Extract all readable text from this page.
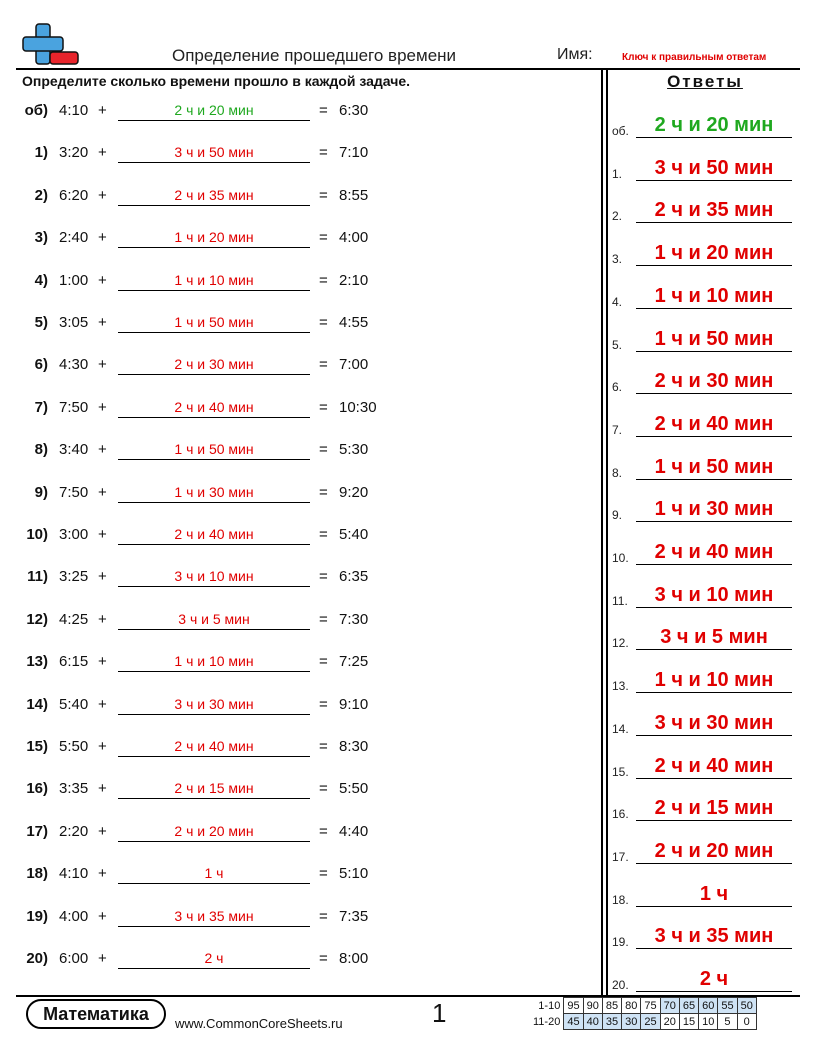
Определение прошедшего времени	Имя:	Ключ к правильным ответам
Определите сколько времени прошло в каждой задаче.	Ответы
об) 4:10 +	2 ч и 20 мин	= 6:30
1) 3:20 +	3 ч и 50 мин	= 7:10
2) 6:20 +	2 ч и 35 мин	= 8:55
3) 2:40 +	1 ч и 20 мин	= 4:00
4) 1:00 +	1 ч и 10 мин	= 2:10
5) 3:05 +	1 ч и 50 мин	= 4:55
6) 4:30 +	2 ч и 30 мин	= 7:00
7) 7:50 +	2 ч и 40 мин	= 10:30
8) 3:40 +	1 ч и 50 мин	= 5:30
9) 7:50 +	1 ч и 30 мин	= 9:20
10) 3:00 +	2 ч и 40 мин	= 5:40
11) 3:25 +	3 ч и 10 мин	= 6:35
12) 4:25 +	3 ч и 5 мин	= 7:30
13) 6:15 +	1 ч и 10 мин	= 7:25
14) 5:40 +	3 ч и 30 мин	= 9:10
15) 5:50 +	2 ч и 40 мин	= 8:30
16) 3:35 +	2 ч и 15 мин	= 5:50
17) 2:20 +	2 ч и 20 мин	= 4:40
18) 4:10 +	1 ч	= 5:10
19) 4:00 +	3 ч и 35 мин	= 7:35
20) 6:00 +	2 ч	= 8:00
об.	2 ч и 20 мин
1.	3 ч и 50 мин
2.	2 ч и 35 мин
3.	1 ч и 20 мин
4.	1 ч и 10 мин
5.	1 ч и 50 мин
6.	2 ч и 30 мин
7.	2 ч и 40 мин
8.	1 ч и 50 мин
9.	1 ч и 30 мин
10.	2 ч и 40 мин
11.	3 ч и 10 мин
12.	3 ч и 5 мин
13.	1 ч и 10 мин
14.	3 ч и 30 мин
15.	2 ч и 40 мин
16.	2 ч и 15 мин
17.	2 ч и 20 мин
18.	1 ч
19.	3 ч и 35 мин
20.	2 ч
Математика	www.CommonCoreSheets.ru	1	1-10	95	90	85	80	75	70	65	60	55	50
11-20	45	40	35	30	25	20	15	10	5	0
